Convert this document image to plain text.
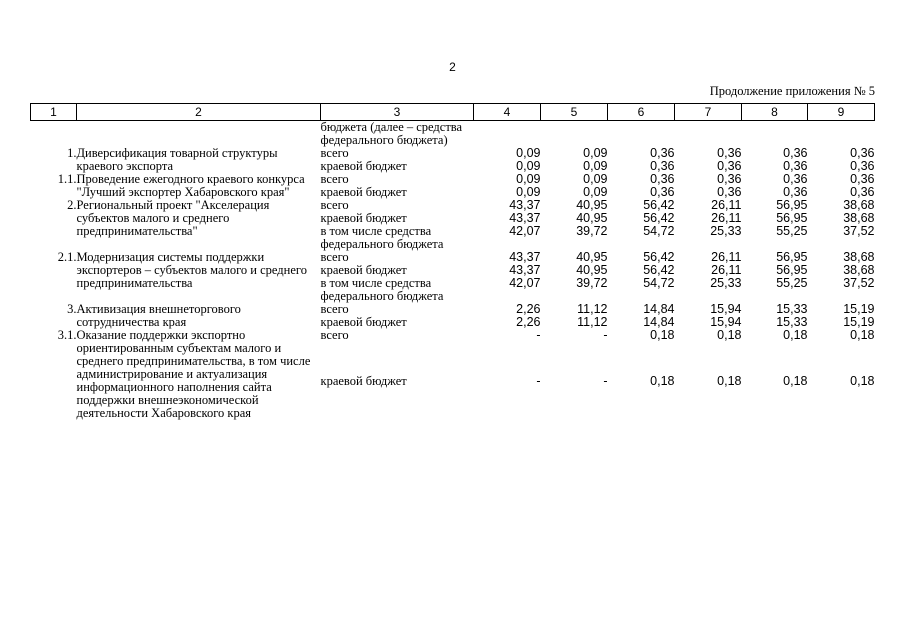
2
Продолжение приложения № 5
1	2	3	4	5	6	7	8	9
		бюджета (далее – средства федерального бюджета)						
1.	Диверсификация товарной структуры краевого экспорта	всего	0,09	0,09	0,36	0,36	0,36	0,36
		краевой бюджет	0,09	0,09	0,36	0,36	0,36	0,36
1.1.	Проведение ежегодного краевого конкурса "Лучший экспортер Хабаровского края"	всего	0,09	0,09	0,36	0,36	0,36	0,36
		краевой бюджет	0,09	0,09	0,36	0,36	0,36	0,36
2.	Региональный проект "Акселерация субъектов малого и среднего предпринимательства"	всего	43,37	40,95	56,42	26,11	56,95	38,68
		краевой бюджет	43,37	40,95	56,42	26,11	56,95	38,68
		в том числе средства федерального бюджета	42,07	39,72	54,72	25,33	55,25	37,52
2.1.	Модернизация системы поддержки экспортеров – субъектов малого и среднего предпринимательства	всего	43,37	40,95	56,42	26,11	56,95	38,68
		краевой бюджет	43,37	40,95	56,42	26,11	56,95	38,68
		в том числе средства федерального бюджета	42,07	39,72	54,72	25,33	55,25	37,52
3.	Активизация внешнеторгового сотрудничества края	всего	2,26	11,12	14,84	15,94	15,33	15,19
		краевой бюджет	2,26	11,12	14,84	15,94	15,33	15,19
3.1.	Оказание поддержки экспортно ориентированным субъектам малого и среднего предпринимательства, в том числе администрирование и актуализация информационного наполнения сайта поддержки внешнеэкономической деятельности Хабаровского края	всего	-	-	0,18	0,18	0,18	0,18
		краевой бюджет	-	-	0,18	0,18	0,18	0,18
